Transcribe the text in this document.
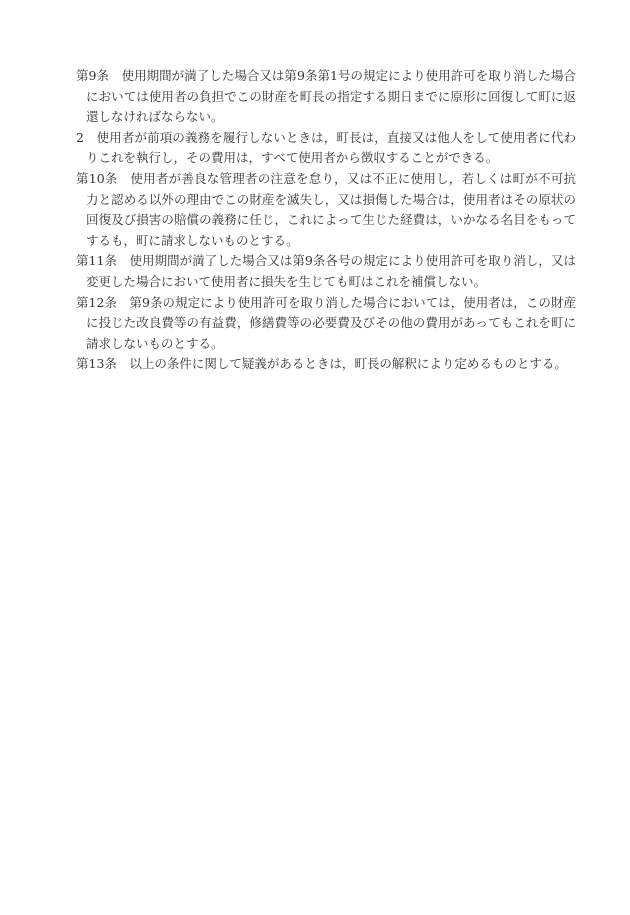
第9条　使用期間が満了した場合又は第9条第1号の規定により使用許可を取り消した場合においては使用者の負担でこの財産を町長の指定する期日までに原形に回復して町に返還しなければならない。

2　使用者が前項の義務を履行しないときは，町長は，直接又は他人をして使用者に代わりこれを執行し，その費用は，すべて使用者から徴収することができる。

第10条　使用者が善良な管理者の注意を怠り，又は不正に使用し，若しくは町が不可抗力と認める以外の理由でこの財産を滅失し，又は損傷した場合は，使用者はその原状の回復及び損害の賠償の義務に任じ，これによって生じた経費は，いかなる名目をもってするも，町に請求しないものとする。

第11条　使用期間が満了した場合又は第9条各号の規定により使用許可を取り消し，又は変更した場合において使用者に損失を生じても町はこれを補償しない。

第12条　第9条の規定により使用許可を取り消した場合においては，使用者は，この財産に投じた改良費等の有益費，修繕費等の必要費及びその他の費用があってもこれを町に請求しないものとする。

第13条　以上の条件に関して疑義があるときは，町長の解釈により定めるものとする。
